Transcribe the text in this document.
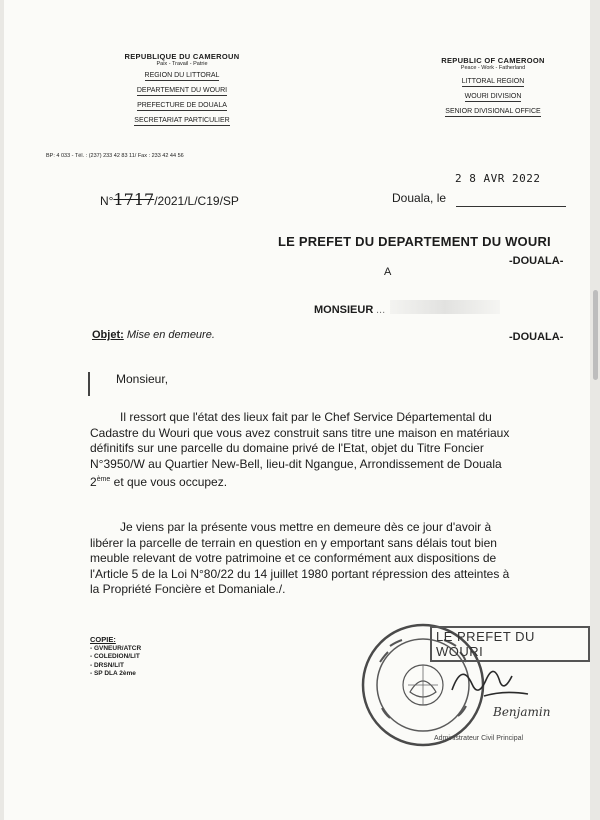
REPUBLIQUE DU CAMEROUN
Paix - Travail - Patrie
REGION DU LITTORAL
DEPARTEMENT DU WOURI
PREFECTURE DE DOUALA
SECRETARIAT PARTICULIER
BP: 4 033 - Tél. : (237) 233 42 83 11/ Fax : 233 42 44 56
REPUBLIC OF CAMEROON
Peace - Work - Fatherland
LITTORAL REGION
WOURI DIVISION
SENIOR DIVISIONAL OFFICE
N°1717/2021/L/C19/SP
2 8 AVR 2022
Douala, le
LE PREFET DU DEPARTEMENT DU WOURI
-DOUALA-
A
MONSIEUR ...
-DOUALA-
Objet: Mise en demeure.
Monsieur,
Il ressort que l'état des lieux fait par le Chef Service Départemental du
Cadastre du Wouri que vous avez construit sans titre une maison en matériaux
définitifs sur une parcelle du domaine privé de l'Etat, objet du Titre Foncier
N°3950/W au Quartier New-Bell, lieu-dit Ngangue, Arrondissement de Douala
2ème et que vous occupez.
Je viens par la présente vous mettre en demeure dès ce jour d'avoir à
libérer la parcelle de terrain en question en y emportant sans délais tout bien
meuble relevant de votre patrimoine et ce conformément aux dispositions de
l'Article 5 de la Loi N°80/22 du 14 juillet 1980 portant répression des atteintes à
la Propriété Foncière et Domaniale./.
COPIE:
- GVNEUR/ATCR
- COLEDION/LIT
- DRSN/LIT
- SP DLA 2ème
LE PREFET DU WOURI
Benjamin
Administrateur Civil Principal
